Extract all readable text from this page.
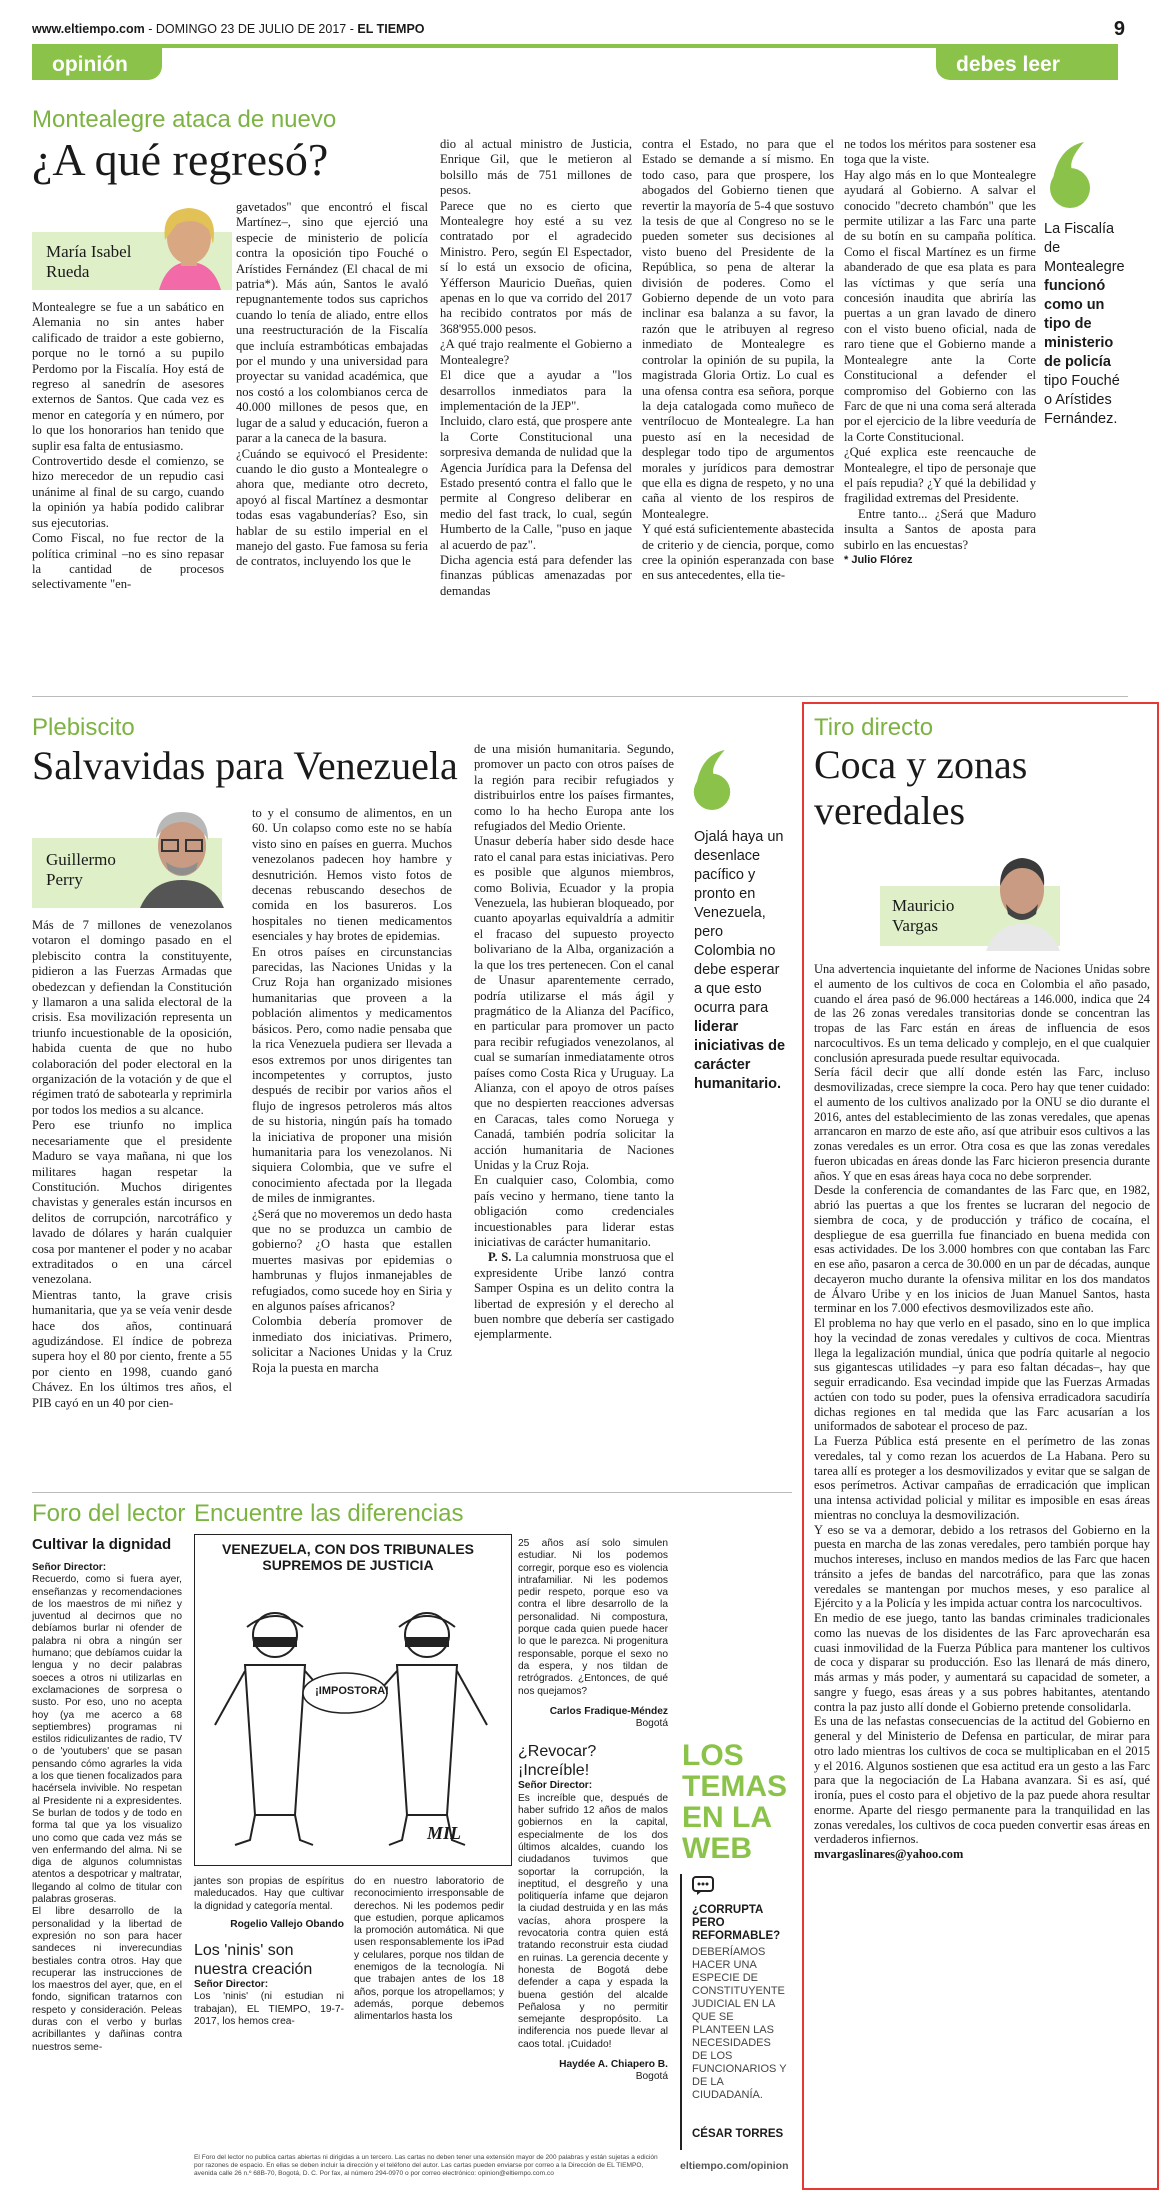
www.eltiempo.com - DOMINGO 23 DE JULIO DE 2017 - EL TIEMPO	9
opinión	debes leer
Montealegre ataca de nuevo
¿A qué regresó?
María Isabel Rueda
Montealegre se fue a un sabático en Alemania no sin antes haber calificado de traidor a este gobierno, porque no le tornó a su pupilo Perdomo por la Fiscalía. Hoy está de regreso al sanedrín de asesores externos de Santos. Que cada vez es menor en categoría y en número, por lo que los honorarios han tenido que suplir esa falta de entusiasmo.
Controvertido desde el comienzo, se hizo merecedor de un repudio casi unánime al final de su cargo, cuando la opinión ya había podido calibrar sus ejecutorias.
Como Fiscal, no fue rector de la política criminal –no es sino repasar la cantidad de procesos selectivamente "en-
gavetados" que encontró el fiscal Martínez–, sino que ejerció una especie de ministerio de policía contra la oposición tipo Fouché o Arístides Fernández (El chacal de mi patria*). Más aún, Santos le avaló repugnantemente todos sus caprichos cuando lo tenía de aliado, entre ellos una reestructuración de la Fiscalía que incluía estrambóticas embajadas por el mundo y una universidad para proyectar su vanidad académica, que nos costó a los colombianos cerca de 40.000 millones de pesos que, en lugar de a salud y educación, fueron a parar a la caneca de la basura.
¿Cuándo se equivocó el Presidente: cuando le dio gusto a Montealegre o ahora que, mediante otro decreto, apoyó al fiscal Martínez a desmontar todas esas vagabunderías? Eso, sin hablar de su estilo imperial en el manejo del gasto. Fue famosa su feria de contratos, incluyendo los que le
dio al actual ministro de Justicia, Enrique Gil, que le metieron al bolsillo más de 751 millones de pesos.
Parece que no es cierto que Montealegre hoy esté a su vez contratado por el agradecido Ministro. Pero, según El Espectador, sí lo está un exsocio de oficina, Yéfferson Mauricio Dueñas, quien apenas en lo que va corrido del 2017 ha recibido contratos por más de 368'955.000 pesos.
¿A qué trajo realmente el Gobierno a Montealegre?
El dice que a ayudar a "los desarrollos inmediatos para la implementación de la JEP".
Incluido, claro está, que prospere ante la Corte Constitucional una sorpresiva demanda de nulidad que la Agencia Jurídica para la Defensa del Estado presentó contra el fallo que le permite al Congreso deliberar en medio del fast track, lo cual, según Humberto de la Calle, "puso en jaque al acuerdo de paz".
Dicha agencia está para defender las finanzas públicas amenazadas por demandas
contra el Estado, no para que el Estado se demande a sí mismo. En todo caso, para que prospere, los abogados del Gobierno tienen que revertir la mayoría de 5-4 que sostuvo la tesis de que al Congreso no se le pueden someter sus decisiones al visto bueno del Presidente de la República, so pena de alterar la división de poderes. Como el Gobierno depende de un voto para inclinar esa balanza a su favor, la razón que le atribuyen al regreso inmediato de Montealegre es controlar la opinión de su pupila, la magistrada Gloria Ortiz. Lo cual es una ofensa contra esa señora, porque la deja catalogada como muñeco de ventrílocuo de Montealegre. La han puesto así en la necesidad de desplegar todo tipo de argumentos morales y jurídicos para demostrar que ella es digna de respeto, y no una caña al viento de los respiros de Montealegre.
Y qué está suficientemente abastecida de criterio y de ciencia, porque, como cree la opinión esperanzada con base en sus antecedentes, ella tie-
ne todos los méritos para sostener esa toga que la viste.
Hay algo más en lo que Montealegre ayudará al Gobierno. A salvar el conocido "decreto chambón" que les permite utilizar a las Farc una parte de su botín en su campaña política. Como el fiscal Martínez es un firme abanderado de que esa plata es para las víctimas y que sería una concesión inaudita que abriría las puertas a un gran lavado de dinero con el visto bueno oficial, nada de raro tiene que el Gobierno mande a Montealegre ante la Corte Constitucional a defender el compromiso del Gobierno con las Farc de que ni una coma será alterada por el ejercicio de la libre veeduría de la Corte Constitucional.
¿Qué explica este reencauche de Montealegre, el tipo de personaje que el país repudia? ¿Y qué la debilidad y fragilidad extremas del Presidente.

Entre tanto... ¿Será que Maduro insulta a Santos de aposta para subirlo en las encuestas?

* Julio Flórez
La Fiscalía de Montealegre funcionó como un tipo de ministerio de policía tipo Fouché o Arístides Fernández.
Plebiscito
Salvavidas para Venezuela
Guillermo Perry
Más de 7 millones de venezolanos votaron el domingo pasado en el plebiscito contra la constituyente, pidieron a las Fuerzas Armadas que obedezcan y defiendan la Constitución y llamaron a una salida electoral de la crisis. Esa movilización representa un triunfo incuestionable de la oposición, habida cuenta de que no hubo colaboración del poder electoral en la organización de la votación y de que el régimen trató de sabotearla y reprimirla por todos los medios a su alcance.
Pero ese triunfo no implica necesariamente que el presidente Maduro se vaya mañana, ni que los militares hagan respetar la Constitución. Muchos dirigentes chavistas y generales están incursos en delitos de corrupción, narcotráfico y lavado de dólares y harán cualquier cosa por mantener el poder y no acabar extraditados o en una cárcel venezolana.
Mientras tanto, la grave crisis humanitaria, que ya se veía venir desde hace dos años, continuará agudizándose. El índice de pobreza supera hoy el 80 por ciento, frente a 55 por ciento en 1998, cuando ganó Chávez. En los últimos tres años, el PIB cayó en un 40 por cien-
to y el consumo de alimentos, en un 60. Un colapso como este no se había visto sino en países en guerra. Muchos venezolanos padecen hoy hambre y desnutrición. Hemos visto fotos de decenas rebuscando desechos de comida en los basureros. Los hospitales no tienen medicamentos esenciales y hay brotes de epidemias.
En otros países en circunstancias parecidas, las Naciones Unidas y la Cruz Roja han organizado misiones humanitarias que proveen a la población alimentos y medicamentos básicos. Pero, como nadie pensaba que la rica Venezuela pudiera ser llevada a esos extremos por unos dirigentes tan incompetentes y corruptos, justo después de recibir por varios años el flujo de ingresos petroleros más altos de su historia, ningún país ha tomado la iniciativa de proponer una misión humanitaria para los venezolanos. Ni siquiera Colombia, que ve sufre el conocimiento afectada por la llegada de miles de inmigrantes.
¿Será que no moveremos un dedo hasta que no se produzca un cambio de gobierno? ¿O hasta que estallen muertes masivas por epidemias o hambrunas y flujos inmanejables de refugiados, como sucede hoy en Siria y en algunos países africanos?
Colombia debería promover de inmediato dos iniciativas. Primero, solicitar a Naciones Unidas y la Cruz Roja la puesta en marcha
de una misión humanitaria. Segundo, promover un pacto con otros países de la región para recibir refugiados y distribuirlos entre los países firmantes, como lo ha hecho Europa ante los refugiados del Medio Oriente.
Unasur debería haber sido desde hace rato el canal para estas iniciativas. Pero es posible que algunos miembros, como Bolivia, Ecuador y la propia Venezuela, las hubieran bloqueado, por cuanto apoyarlas equivaldría a admitir el fracaso del supuesto proyecto bolivariano de la Alba, organización a la que los tres pertenecen. Con el canal de Unasur aparentemente cerrado, podría utilizarse el más ágil y pragmático de la Alianza del Pacífico, en particular para promover un pacto para recibir refugiados venezolanos, al cual se sumarían inmediatamente otros países como Costa Rica y Uruguay. La Alianza, con el apoyo de otros países que no despierten reacciones adversas en Caracas, tales como Noruega y Canadá, también podría solicitar la acción humanitaria de Naciones Unidas y la Cruz Roja.
En cualquier caso, Colombia, como país vecino y hermano, tiene tanto la obligación como credenciales incuestionables para liderar estas iniciativas de carácter humanitario.

P. S. La calumnia monstruosa que el expresidente Uribe lanzó contra Samper Ospina es un delito contra la libertad de expresión y el derecho al buen nombre que debería ser castigado ejemplarmente.

Ojalá haya un desenlace pacífico y pronto en Venezuela, pero Colombia no debe esperar a que esto ocurra para liderar iniciativas de carácter humanitario.
Tiro directo
Coca y zonas veredales
Mauricio Vargas
Una advertencia inquietante del informe de Naciones Unidas sobre el aumento de los cultivos de coca en Colombia el año pasado, cuando el área pasó de 96.000 hectáreas a 146.000, indica que 24 de las 26 zonas veredales transitorias donde se concentran las tropas de las Farc están en áreas de influencia de esos narcocultivos. Es un tema delicado y complejo, en el que cualquier conclusión apresurada puede resultar equivocada.
Sería fácil decir que allí donde estén las Farc, incluso desmovilizadas, crece siempre la coca. Pero hay que tener cuidado: el aumento de los cultivos analizado por la ONU se dio durante el 2016, antes del establecimiento de las zonas veredales, que apenas arrancaron en marzo de este año, así que atribuir esos cultivos a las zonas veredales es un error. Otra cosa es que las zonas veredales fueron ubicadas en áreas donde las Farc hicieron presencia durante años. Y que en esas áreas haya coca no debe sorprender.
Desde la conferencia de comandantes de las Farc que, en 1982, abrió las puertas a que los frentes se lucraran del negocio de siembra de coca, y de producción y tráfico de cocaína, el despliegue de esa guerrilla fue financiado en buena medida con esas actividades. De los 3.000 hombres con que contaban las Farc en ese año, pasaron a cerca de 30.000 en un par de décadas, aunque decayeron mucho durante la ofensiva militar en los dos mandatos de Álvaro Uribe y en los inicios de Juan Manuel Santos, hasta terminar en los 7.000 efectivos desmovilizados este año.
El problema no hay que verlo en el pasado, sino en lo que implica hoy la vecindad de zonas veredales y cultivos de coca. Mientras llega la legalización mundial, única que podría quitarle al negocio sus gigantescas utilidades –y para eso faltan décadas–, hay que seguir erradicando. Esa vecindad impide que las Fuerzas Armadas actúen con todo su poder, pues la ofensiva erradicadora sacudiría dichas regiones en tal medida que las Farc acusarían a los uniformados de sabotear el proceso de paz.
La Fuerza Pública está presente en el perímetro de las zonas veredales, tal y como rezan los acuerdos de La Habana. Pero su tarea allí es proteger a los desmovilizados y evitar que se salgan de esos perímetros. Activar campañas de erradicación que implican una intensa actividad policial y militar es imposible en esas áreas mientras no concluya la desmovilización.
Y eso se va a demorar, debido a los retrasos del Gobierno en la puesta en marcha de las zonas veredales, pero también porque hay muchos intereses, incluso en mandos medios de las Farc que hacen tránsito a jefes de bandas del narcotráfico, para que las zonas veredales se mantengan por muchos meses, y eso paralice al Ejército y a la Policía y les impida actuar contra los narcocultivos.
En medio de ese juego, tanto las bandas criminales tradicionales como las nuevas de los disidentes de las Farc aprovecharán esa cuasi inmovilidad de la Fuerza Pública para mantener los cultivos de coca y disparar su producción. Eso las llenará de más dinero, más armas y más poder, y aumentará su capacidad de someter, a sangre y fuego, esas áreas y a sus pobres habitantes, atentando contra la paz justo allí donde el Gobierno pretende consolidarla.
Es una de las nefastas consecuencias de la actitud del Gobierno en general y del Ministerio de Defensa en particular, de mirar para otro lado mientras los cultivos de coca se multiplicaban en el 2015 y el 2016. Algunos sostienen que esa actitud era un gesto a las Farc para que la negociación de La Habana avanzara. Si es así, qué ironía, pues el costo para el objetivo de la paz puede ahora resultar enorme. Aparte del riesgo permanente para la tranquilidad en las zonas veredales, los cultivos de coca pueden convertir esas áreas en verdaderos infiernos.
mvargaslinares@yahoo.com
Foro del lector
Cultivar la dignidad
Señor Director:
Recuerdo, como si fuera ayer, enseñanzas y recomendaciones de los maestros de mi niñez y juventud al decirnos que no debíamos burlar ni ofender de palabra ni obra a ningún ser humano; que debíamos cuidar la lengua y no decir palabras soeces a otros ni utilizarlas en exclamaciones de sorpresa o susto. Por eso, uno no acepta hoy (ya me acerco a 68 septiembres) programas ni estilos ridiculizantes de radio, TV o de 'youtubers' que se pasan pensando cómo agrarles la vida a los que tienen focalizados para hacérsela invivible. No respetan al Presidente ni a expresidentes. Se burlan de todos y de todo en forma tal que ya los visualizo uno como que cada vez más se ven enfermando del alma. Ni se diga de algunos columnistas atentos a despotricar y maltratar, llegando al colmo de titular con palabras groseras.
El libre desarrollo de la personalidad y la libertad de expresión no son para hacer sandeces ni inverecundias bestiales contra otros. Hay que recuperar las instrucciones de los maestros del ayer, que, en el fondo, significan tratarnos con respeto y consideración. Peleas duras con el verbo y burlas acribillantes y dañinas contra nuestros seme-
Encuentre las diferencias
VENEZUELA, CON DOS TRIBUNALES SUPREMOS DE JUSTICIA
¡IMPOSTORA!
MIL
jantes son propias de espíritus maleducados. Hay que cultivar la dignidad y categoría mental.
Rogelio Vallejo Obando
Los 'ninis' son nuestra creación
Señor Director:
Los 'ninis' (ni estudian ni trabajan), EL TIEMPO, 19-7-2017, los hemos crea-
do en nuestro laboratorio de reconocimiento irresponsable de derechos. Ni les podemos pedir que estudien, porque aplicamos la promoción automática. Ni que usen responsablemente los iPad y celulares, porque nos tildan de enemigos de la tecnología. Ni que trabajen antes de los 18 años, porque los atropellamos; y además, porque debemos alimentarlos hasta los
25 años así solo simulen estudiar. Ni los podemos corregir, porque eso es violencia intrafamiliar. Ni les podemos pedir respeto, porque eso va contra el libre desarrollo de la personalidad. Ni compostura, porque cada quien puede hacer lo que le parezca. Ni progenitura responsable, porque el sexo no da espera, y nos tildan de retrógrados. ¿Entonces, de qué nos quejamos?
Carlos Fradique-Méndez
Bogotá
¿Revocar? ¡Increíble!
Señor Director:
Es increíble que, después de haber sufrido 12 años de malos gobiernos en la capital, especialmente de los dos últimos alcaldes, cuando los ciudadanos tuvimos que soportar la corrupción, la ineptitud, el desgreño y una politiquería infame que dejaron la ciudad destruida y en las más vacías, ahora prospere la revocatoria contra quien está tratando reconstruir esta ciudad en ruinas. La gerencia decente y honesta de Bogotá debe defender a capa y espada la buena gestión del alcalde Peñalosa y no permitir semejante despropósito. La indiferencia nos puede llevar al caos total. ¡Cuidado!
Haydée A. Chiapero B.
Bogotá
El Foro del lector no publica cartas abiertas ni dirigidas a un tercero. Las cartas no deben tener una extensión mayor de 200 palabras y están sujetas a edición por razones de espacio. En ellas se deben incluir la dirección y el teléfono del autor. Las cartas pueden enviarse por correo a la Dirección de EL TIEMPO, avenida calle 26 n.º 68B-70, Bogotá, D. C. Por fax, al número 294-0970 o por correo electrónico: opinion@eltiempo.com.co
LOS TEMAS EN LA WEB
¿CORRUPTA PERO REFORMABLE?
DEBERÍAMOS HACER UNA ESPECIE DE CONSTITUYENTE JUDICIAL EN LA QUE SE PLANTEEN LAS NECESIDADES DE LOS FUNCIONARIOS Y DE LA CIUDADANÍA.
CÉSAR TORRES
eltiempo.com/opinion
